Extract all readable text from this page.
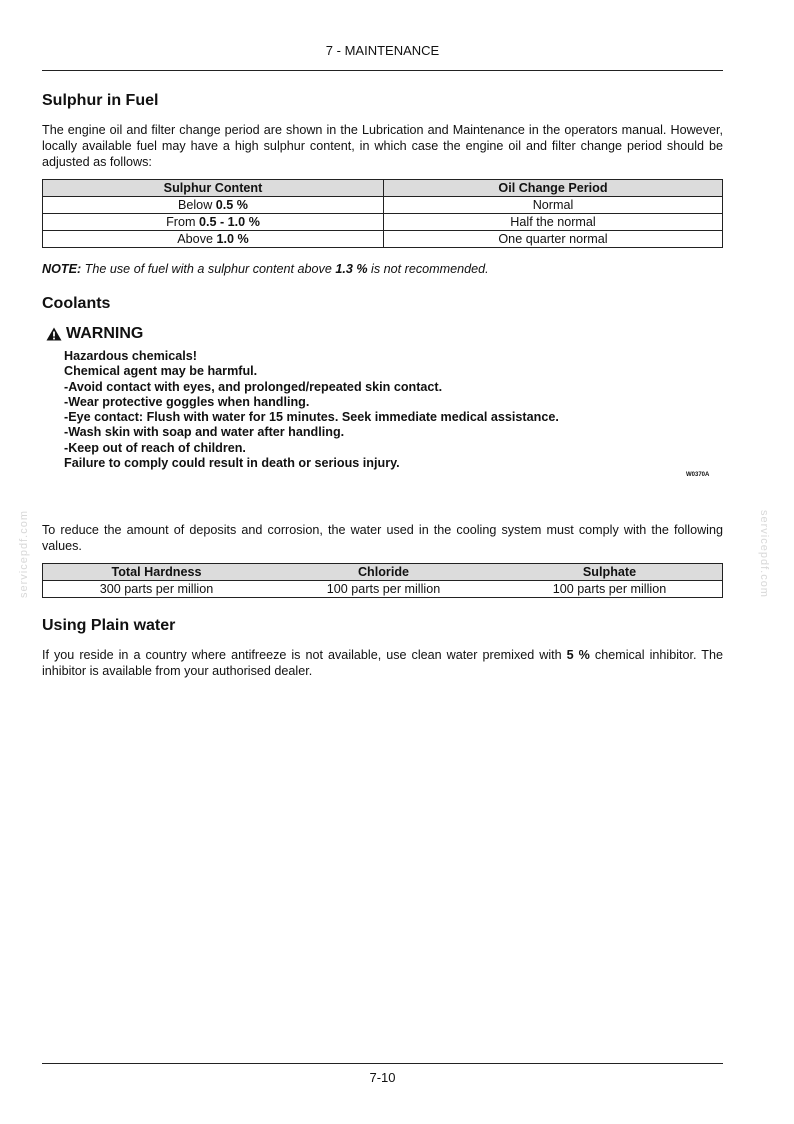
7 - MAINTENANCE
Sulphur in Fuel

The engine oil and filter change period are shown in the Lubrication and Maintenance in the operators manual. However, locally available fuel may have a high sulphur content, in which case the engine oil and filter change period should be adjusted as follows:

Sulphur Content	Oil Change Period
Below 0.5 %	Normal
From 0.5 - 1.0 %	Half the normal
Above 1.0 %	One quarter normal

NOTE: The use of fuel with a sulphur content above 1.3 % is not recommended.

Coolants
WARNING
Hazardous chemicals!
Chemical agent may be harmful.
-Avoid contact with eyes, and prolonged/repeated skin contact.
-Wear protective goggles when handling.
-Eye contact: Flush with water for 15 minutes. Seek immediate medical assistance.
-Wash skin with soap and water after handling.
-Keep out of reach of children.
Failure to comply could result in death or serious injury.
W0370A
servicepdf.com	servicepdf.com

To reduce the amount of deposits and corrosion, the water used in the cooling system must comply with the following values.

Total Hardness	Chloride	Sulphate
300 parts per million	100 parts per million	100 parts per million
Using Plain water

If you reside in a country where antifreeze is not available, use clean water premixed with 5 % chemical inhibitor. The inhibitor is available from your authorised dealer.

7-10
